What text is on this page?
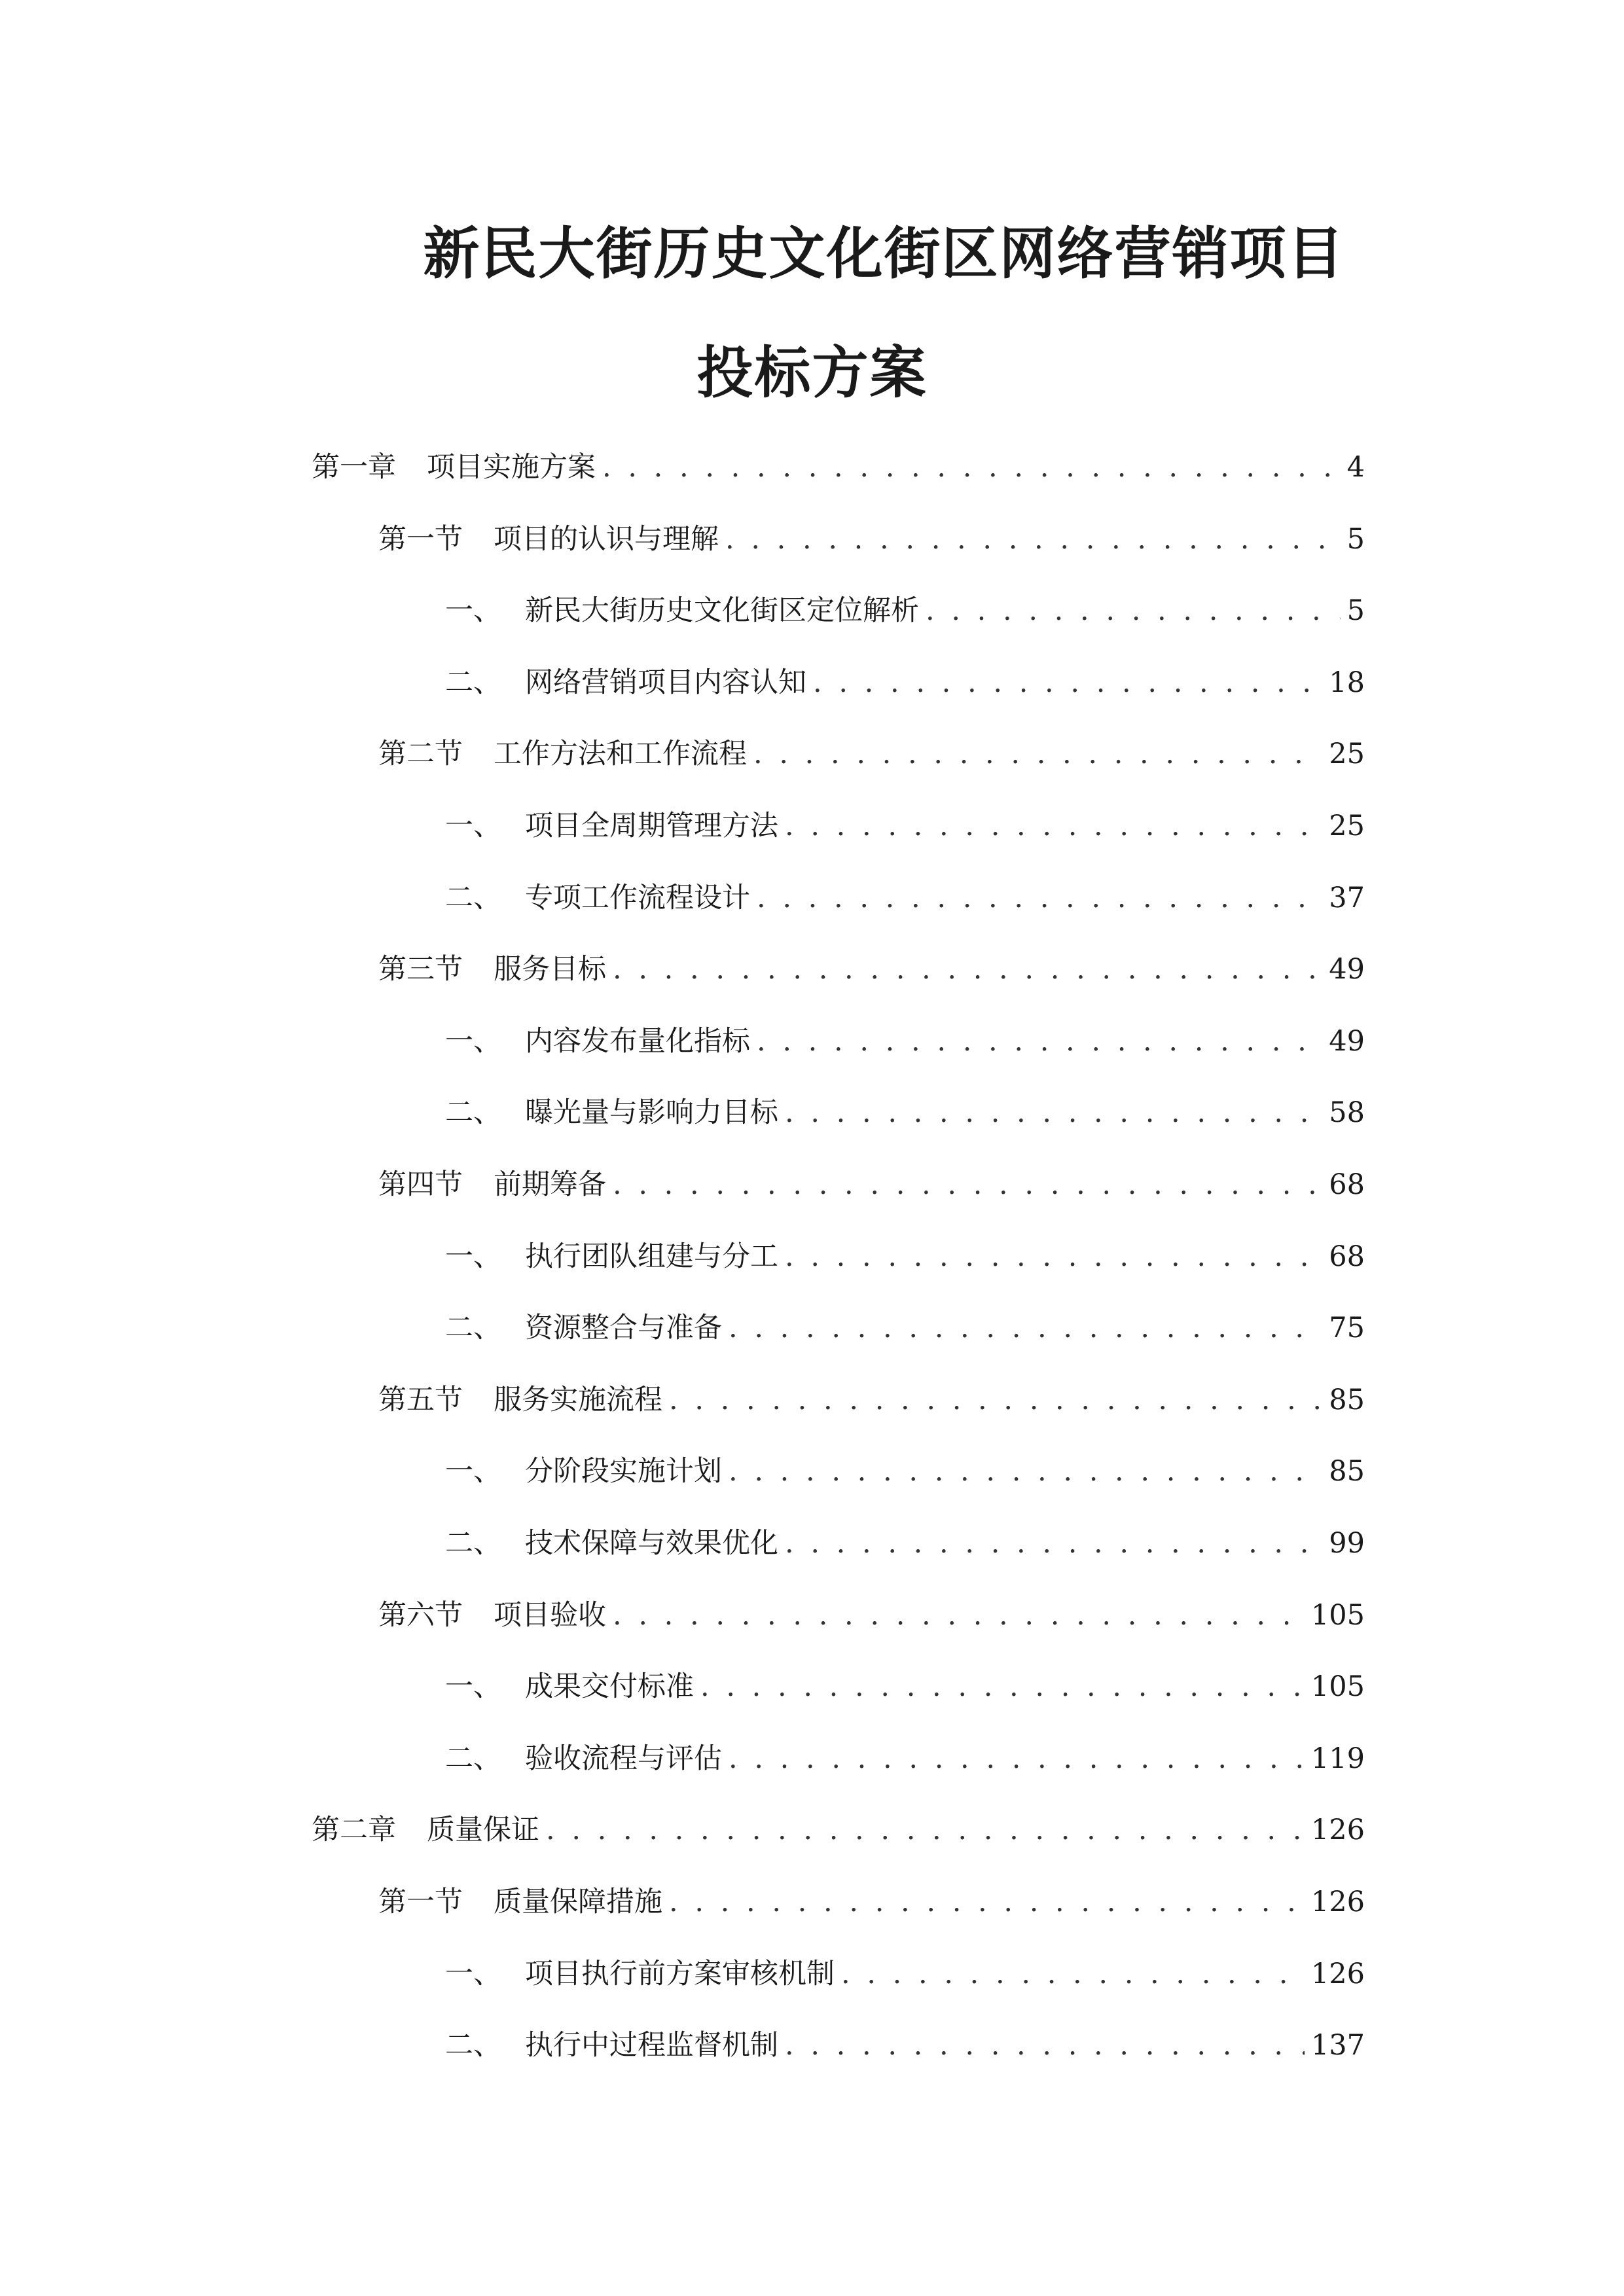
新民大街历史文化街区网络营销项目
投标方案
第一章	项目实施方案 . . .	4
第一节	项目的认识与理解 . . .	5
一、 新民大街历史文化街区定位解析 . . .	5
二、 网络营销项目内容认知 . . .	18
第二节	工作方法和工作流程 . . .	25
一、 项目全周期管理方法 . . .	25
二、 专项工作流程设计 . . .	37
第三节	服务目标 . . .	49
一、 内容发布量化指标 . . .	49
二、 曝光量与影响力目标 . . .	58
第四节	前期筹备 . . .	68
一、 执行团队组建与分工 . . .	68
二、 资源整合与准备 . . .	75
第五节	服务实施流程 . . .	85
一、 分阶段实施计划 . . .	85
二、 技术保障与效果优化 . . .	99
第六节	项目验收 . . .	105
一、 成果交付标准 . . .	105
二、 验收流程与评估 . . .	119
第二章	质量保证 . . .	126
第一节	质量保障措施 . . .	126
一、 项目执行前方案审核机制 . . .	126
二、 执行中过程监督机制 . . .	137
